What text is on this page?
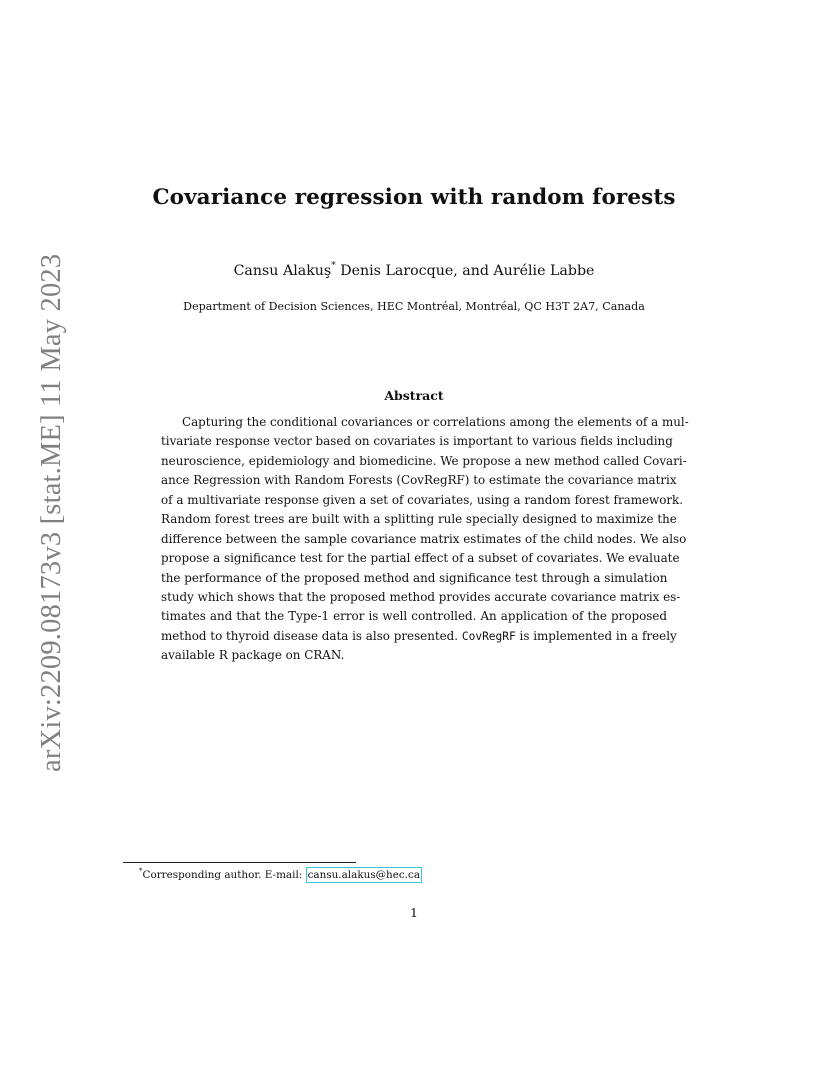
arXiv:2209.08173v3 [stat.ME] 11 May 2023
Covariance regression with random forests
Cansu Alakuş* Denis Larocque, and Aurélie Labbe
Department of Decision Sciences, HEC Montréal, Montréal, QC H3T 2A7, Canada
Abstract
Capturing the conditional covariances or correlations among the elements of a mul-
tivariate response vector based on covariates is important to various fields including
neuroscience, epidemiology and biomedicine. We propose a new method called Covari-
ance Regression with Random Forests (CovRegRF) to estimate the covariance matrix
of a multivariate response given a set of covariates, using a random forest framework.
Random forest trees are built with a splitting rule specially designed to maximize the
difference between the sample covariance matrix estimates of the child nodes. We also
propose a significance test for the partial effect of a subset of covariates. We evaluate
the performance of the proposed method and significance test through a simulation
study which shows that the proposed method provides accurate covariance matrix es-
timates and that the Type-1 error is well controlled. An application of the proposed
method to thyroid disease data is also presented. CovRegRF is implemented in a freely
available R package on CRAN.
*Corresponding author. E-mail: cansu.alakus@hec.ca
1
